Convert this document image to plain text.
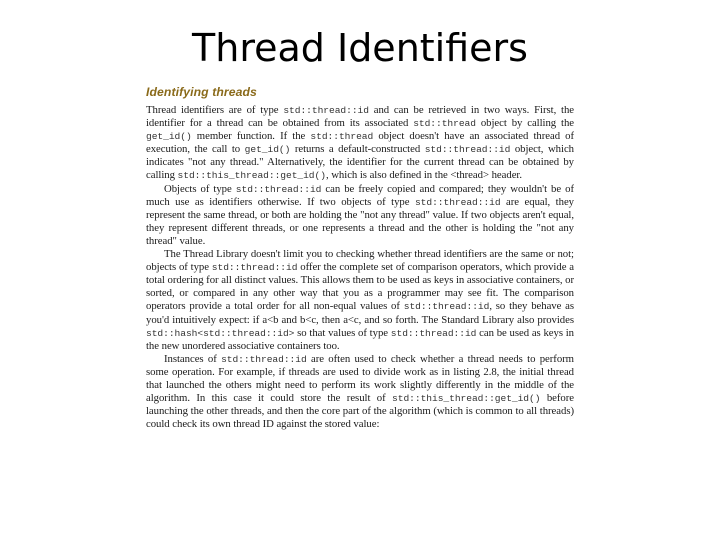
Thread Identifiers
Identifying threads

Thread identifiers are of type std::thread::id and can be retrieved in two ways. First, the identifier for a thread can be obtained from its associated std::thread object by calling the get_id() member function. If the std::thread object doesn't have an associated thread of execution, the call to get_id() returns a default-constructed std::thread::id object, which indicates "not any thread." Alternatively, the identifier for the current thread can be obtained by calling std::this_thread::get_id(), which is also defined in the <thread> header.

Objects of type std::thread::id can be freely copied and compared; they wouldn't be of much use as identifiers otherwise. If two objects of type std::thread::id are equal, they represent the same thread, or both are holding the "not any thread" value. If two objects aren't equal, they represent different threads, or one represents a thread and the other is holding the "not any thread" value.

The Thread Library doesn't limit you to checking whether thread identifiers are the same or not; objects of type std::thread::id offer the complete set of comparison operators, which provide a total ordering for all distinct values. This allows them to be used as keys in associative containers, or sorted, or compared in any other way that you as a programmer may see fit. The comparison operators provide a total order for all non-equal values of std::thread::id, so they behave as you'd intuitively expect: if a<b and b<c, then a<c, and so forth. The Standard Library also provides std::hash<std::thread::id> so that values of type std::thread::id can be used as keys in the new unordered associative containers too.

Instances of std::thread::id are often used to check whether a thread needs to perform some operation. For example, if threads are used to divide work as in listing 2.8, the initial thread that launched the others might need to perform its work slightly differently in the middle of the algorithm. In this case it could store the result of std::this_thread::get_id() before launching the other threads, and then the core part of the algorithm (which is common to all threads) could check its own thread ID against the stored value:
